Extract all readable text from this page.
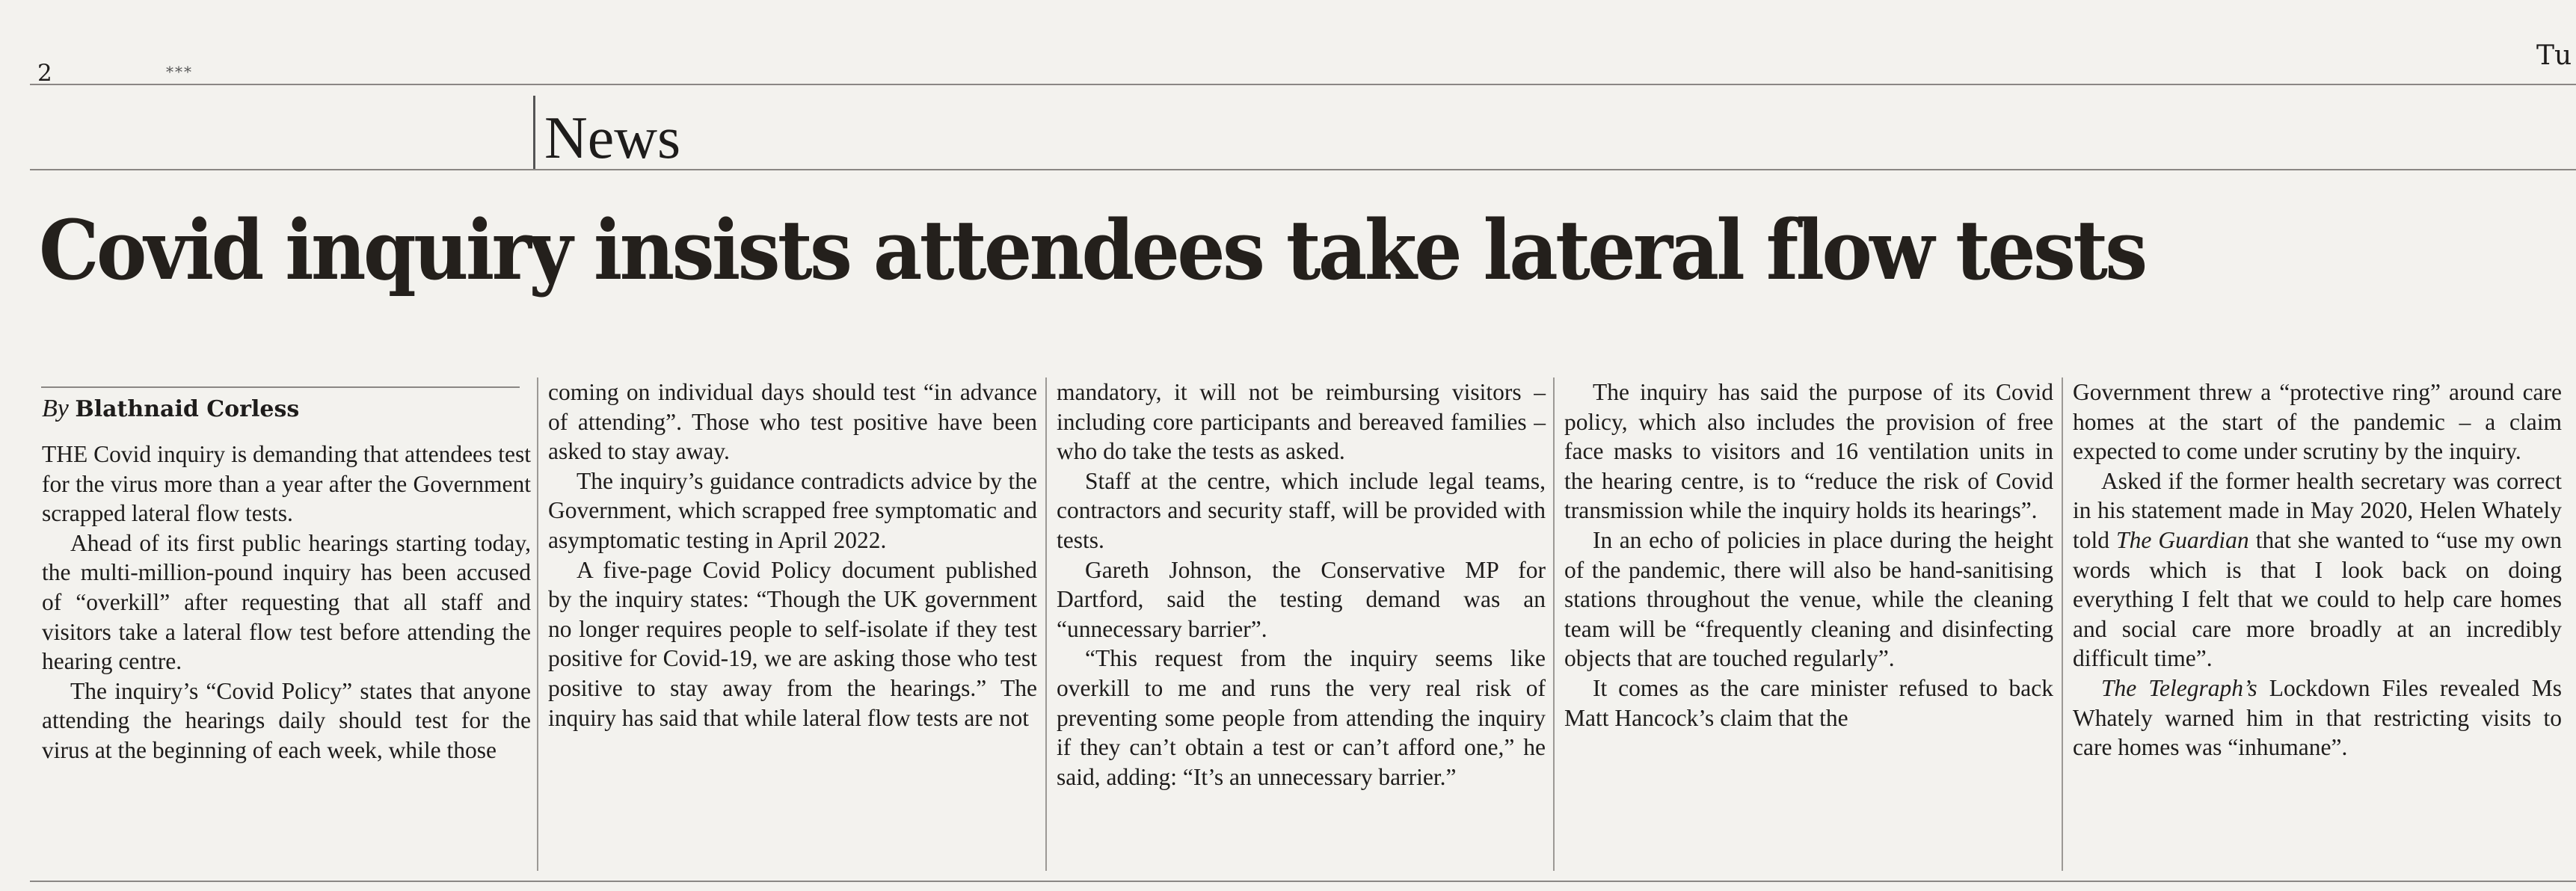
2	***
Tu
News
Covid inquiry insists attendees take lateral flow tests
By Blathnaid Corless

THE Covid inquiry is demanding that attendees test for the virus more than a year after the Government scrapped lateral flow tests.

Ahead of its first public hearings starting today, the multi-million-pound inquiry has been accused of “overkill” after requesting that all staff and visitors take a lateral flow test before attending the hearing centre.

The inquiry’s “Covid Policy” states that anyone attending the hearings daily should test for the virus at the beginning of each week, while those

coming on individual days should test “in advance of attending”. Those who test positive have been asked to stay away.

The inquiry’s guidance contradicts advice by the Government, which scrapped free symptomatic and asymptomatic testing in April 2022.

A five-page Covid Policy document published by the inquiry states: “Though the UK government no longer requires people to self-isolate if they test positive for Covid-19, we are asking those who test positive to stay away from the hearings.” The inquiry has said that while lateral flow tests are not

mandatory, it will not be reimbursing visitors – including core participants and bereaved families – who do take the tests as asked.

Staff at the centre, which include legal teams, contractors and security staff, will be provided with tests.

Gareth Johnson, the Conservative MP for Dartford, said the testing demand was an “unnecessary barrier”.

“This request from the inquiry seems like overkill to me and runs the very real risk of preventing some people from attending the inquiry if they can’t obtain a test or can’t afford one,” he said, adding: “It’s an unnecessary barrier.”

The inquiry has said the purpose of its Covid policy, which also includes the provision of free face masks to visitors and 16 ventilation units in the hearing centre, is to “reduce the risk of Covid transmission while the inquiry holds its hearings”.

In an echo of policies in place during the height of the pandemic, there will also be hand-sanitising stations throughout the venue, while the cleaning team will be “frequently cleaning and disinfecting objects that are touched regularly”.

It comes as the care minister refused to back Matt Hancock’s claim that the

Government threw a “protective ring” around care homes at the start of the pandemic – a claim expected to come under scrutiny by the inquiry.

Asked if the former health secretary was correct in his statement made in May 2020, Helen Whately told The Guardian that she wanted to “use my own words which is that I look back on doing everything I felt that we could to help care homes and social care more broadly at an incredibly difficult time”.

The Telegraph’s Lockdown Files revealed Ms Whately warned him in that restricting visits to care homes was “inhumane”.
